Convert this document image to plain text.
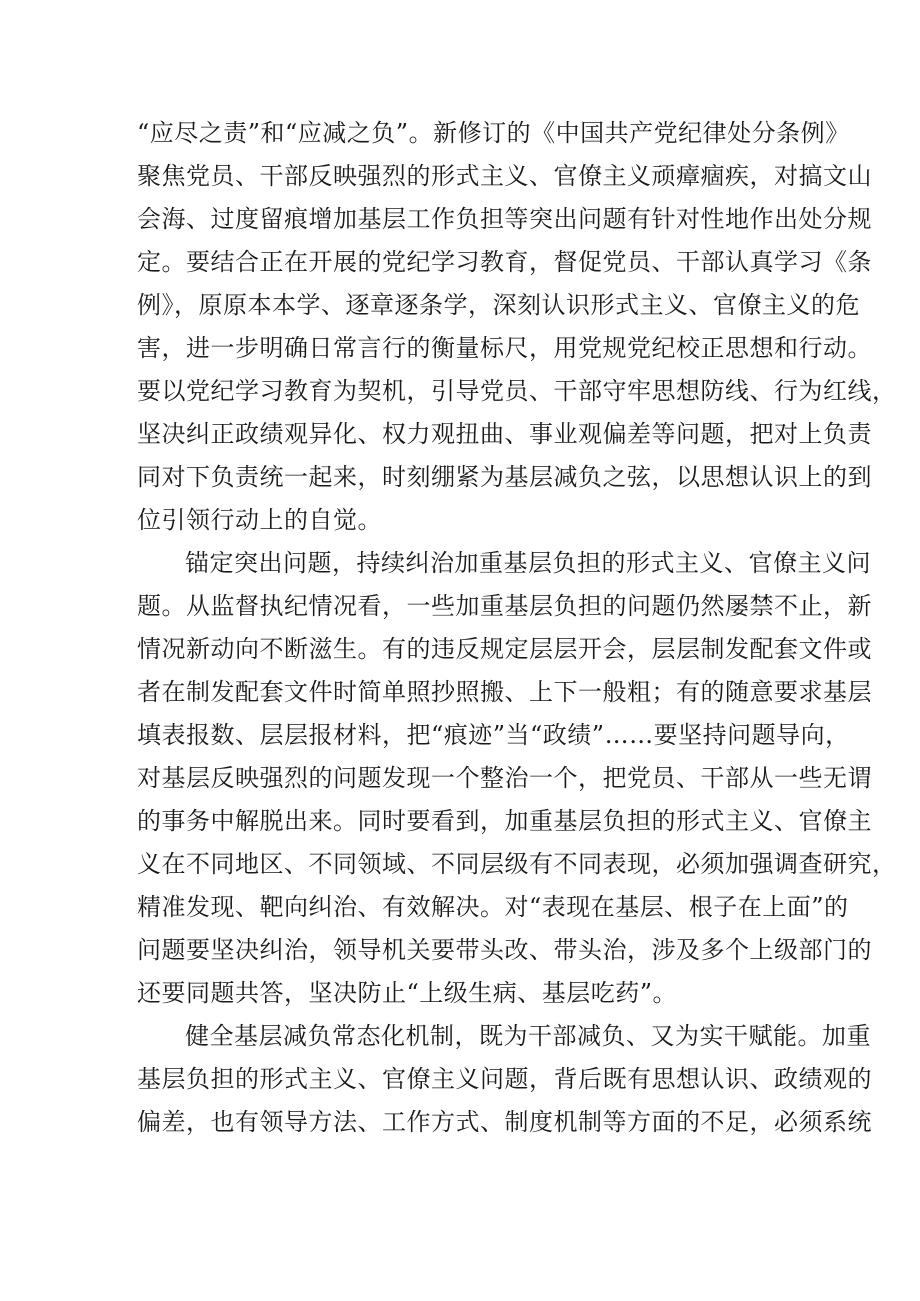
“应尽之责”和“应减之负”。新修订的《中国共产党纪律处分条例》
聚焦党员、干部反映强烈的形式主义、官僚主义顽瘴痼疾，对搞文山
会海、过度留痕增加基层工作负担等突出问题有针对性地作出处分规
定。要结合正在开展的党纪学习教育，督促党员、干部认真学习《条
例》，原原本本学、逐章逐条学，深刻认识形式主义、官僚主义的危
害，进一步明确日常言行的衡量标尺，用党规党纪校正思想和行动。
要以党纪学习教育为契机，引导党员、干部守牢思想防线、行为红线，
坚决纠正政绩观异化、权力观扭曲、事业观偏差等问题，把对上负责
同对下负责统一起来，时刻绷紧为基层减负之弦，以思想认识上的到
位引领行动上的自觉。
锚定突出问题，持续纠治加重基层负担的形式主义、官僚主义问
题。从监督执纪情况看，一些加重基层负担的问题仍然屡禁不止，新
情况新动向不断滋生。有的违反规定层层开会，层层制发配套文件或
者在制发配套文件时简单照抄照搬、上下一般粗；有的随意要求基层
填表报数、层层报材料，把“痕迹”当“政绩”……要坚持问题导向，
对基层反映强烈的问题发现一个整治一个，把党员、干部从一些无谓
的事务中解脱出来。同时要看到，加重基层负担的形式主义、官僚主
义在不同地区、不同领域、不同层级有不同表现，必须加强调查研究，
精准发现、靶向纠治、有效解决。对“表现在基层、根子在上面”的
问题要坚决纠治，领导机关要带头改、带头治，涉及多个上级部门的
还要同题共答，坚决防止“上级生病、基层吃药”。
健全基层减负常态化机制，既为干部减负、又为实干赋能。加重
基层负担的形式主义、官僚主义问题，背后既有思想认识、政绩观的
偏差，也有领导方法、工作方式、制度机制等方面的不足，必须系统
